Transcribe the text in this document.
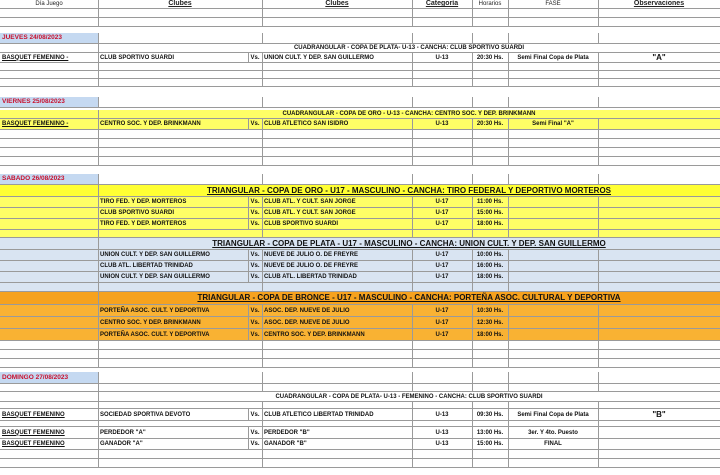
Día Juego	Clubes	Clubes	Categoría	Horarios	FASE	Observaciones
JUEVES 24/08/2023
CUADRANGULAR - COPA DE PLATA- U-13 - CANCHA: CLUB SPORTIVO SUARDI
BASQUET FEMENINO -	CLUB SPORTIVO SUARDI	Vs. UNION CULT. Y DEP. SAN GUILLERMO	U-13	20:30 Hs.	Semi Final Copa de Plata	"A"
VIERNES 25/08/2023
CUADRANGULAR - COPA DE ORO - U-13 - CANCHA: CENTRO SOC. Y DEP. BRINKMANN
BASQUET FEMENINO -	CENTRO SOC. Y DEP. BRINKMANN	Vs. CLUB ATLETICO SAN ISIDRO	U-13	20:30 Hs.	Semi Final "A"
SABADO 26/08/2023
TRIANGULAR - COPA DE ORO - U17 - MASCULINO - CANCHA: TIRO FEDERAL Y DEPORTIVO MORTEROS
TIRO FED. Y DEP. MORTEROS	Vs. CLUB ATL. Y CULT. SAN JORGE	U-17	11:00 Hs.
CLUB SPORTIVO SUARDI	Vs. CLUB ATL. Y CULT. SAN JORGE	U-17	15:00 Hs.
TIRO FED. Y DEP. MORTEROS	Vs. CLUB SPORTIVO SUARDI	U-17	18:00 Hs.
TRIANGULAR - COPA DE PLATA - U17 - MASCULINO - CANCHA: UNION CULT. Y DEP. SAN GUILLERMO
UNION CULT. Y DEP. SAN GUILLERMO	Vs. NUEVE DE JULIO O. DE FREYRE	U-17	10:00 Hs.
CLUB ATL. LIBERTAD TRINIDAD	Vs. NUEVE DE JULIO O. DE FREYRE	U-17	16:00 Hs.
UNION CULT. Y DEP. SAN GUILLERMO	Vs. CLUB ATL. LIBERTAD TRINIDAD	U-17	18:00 Hs.
TRIANGULAR - COPA DE BRONCE - U17 - MASCULINO - CANCHA: PORTEÑA ASOC. CULTURAL Y DEPORTIVA
PORTEÑA ASOC. CULT. Y DEPORTIVA	Vs. ASOC. DEP. NUEVE DE JULIO	U-17	10:30 Hs.
CENTRO SOC. Y DEP. BRINKMANN	Vs. ASOC. DEP. NUEVE DE JULIO	U-17	12:30 Hs.
PORTEÑA ASOC. CULT. Y DEPORTIVA	Vs. CENTRO SOC. Y DEP. BRINKMANN	U-17	18:00 Hs.
DOMINGO 27/08/2023
CUADRANGULAR - COPA DE PLATA- U-13 - FEMENINO - CANCHA: CLUB SPORTIVO SUARDI
BASQUET FEMENINO	SOCIEDAD SPORTIVA DEVOTO	Vs. CLUB ATLETICO LIBERTAD TRINIDAD	U-13	09:30 Hs.	Semi Final Copa de Plata	"B"
BASQUET FEMENINO	PERDEDOR "A"	Vs. PERDEDOR "B"	U-13	13:00 Hs.	3er. Y 4to. Puesto
BASQUET FEMENINO	GANADOR "A"	Vs. GANADOR "B"	U-13	15:00 Hs.	FINAL
